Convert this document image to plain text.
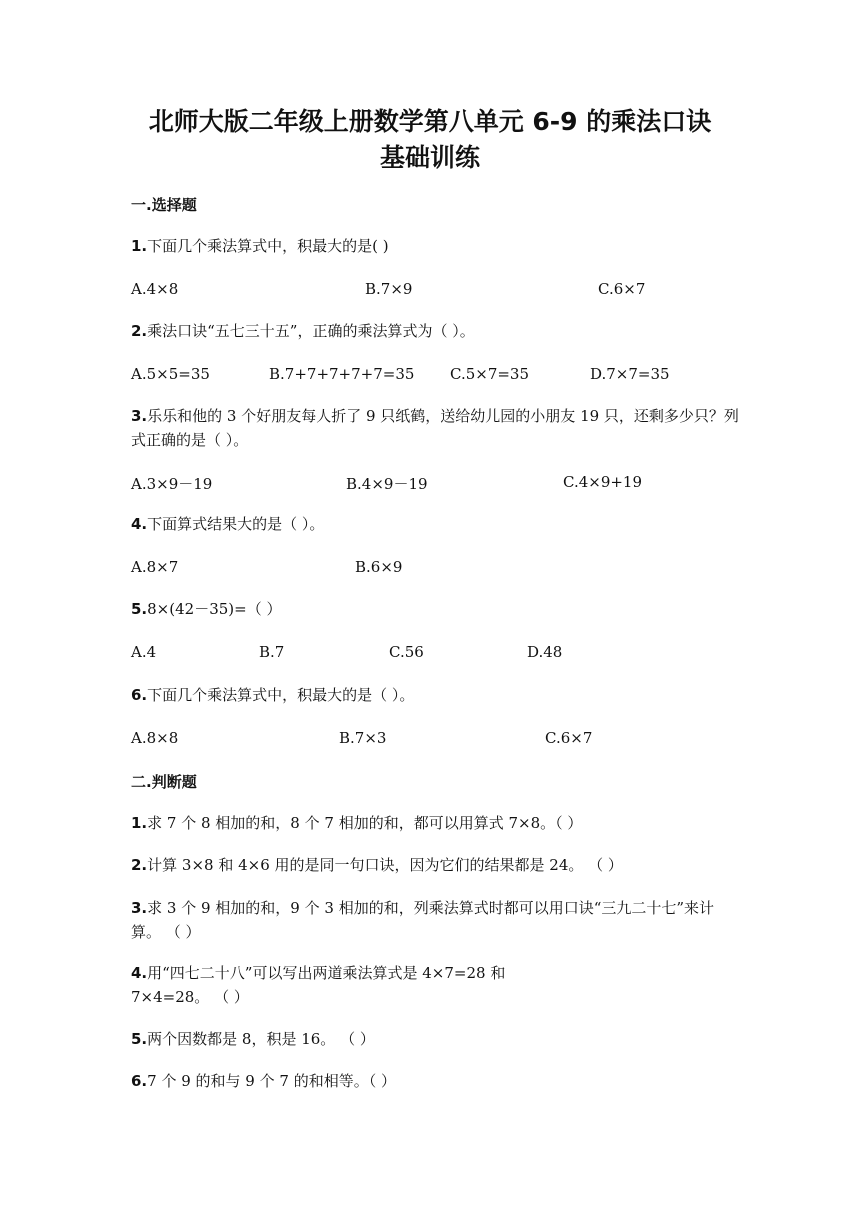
北师大版二年级上册数学第八单元 6-9 的乘法口诀
基础训练
一.选择题
1.下面几个乘法算式中，积最大的是( )
A.4×8	B.7×9	C.6×7
2.乘法口诀“五七三十五”，正确的乘法算式为（ ）。
A.5×5=35	B.7+7+7+7+7=35 C.5×7=35	D.7×7=35
3.乐乐和他的 3 个好朋友每人折了 9 只纸鹤，送给幼儿园的小朋友 19 只，还剩多少只？列式正确的是（ ）。
A.3×9－19	B.4×9－19	C.4×9+19
4.下面算式结果大的是（ ）。
A.8×7	B.6×9
5.8×(42－35)=（ ）
A.4	B.7	C.56	D.48
6.下面几个乘法算式中，积最大的是（ ）。
A.8×8	B.7×3	C.6×7
二.判断题
1.求 7 个 8 相加的和，8 个 7 相加的和，都可以用算式 7×8。（ ）
2.计算 3×8 和 4×6 用的是同一句口诀，因为它们的结果都是 24。 （ ）
3.求 3 个 9 相加的和，9 个 3 相加的和，列乘法算式时都可以用口诀“三九二十七”来计算。 （ ）
4.用“四七二十八”可以写出两道乘法算式是 4×7=28 和 7×4=28。 （ ）
5.两个因数都是 8，积是 16。 （ ）
6.7 个 9 的和与 9 个 7 的和相等。（ ）
